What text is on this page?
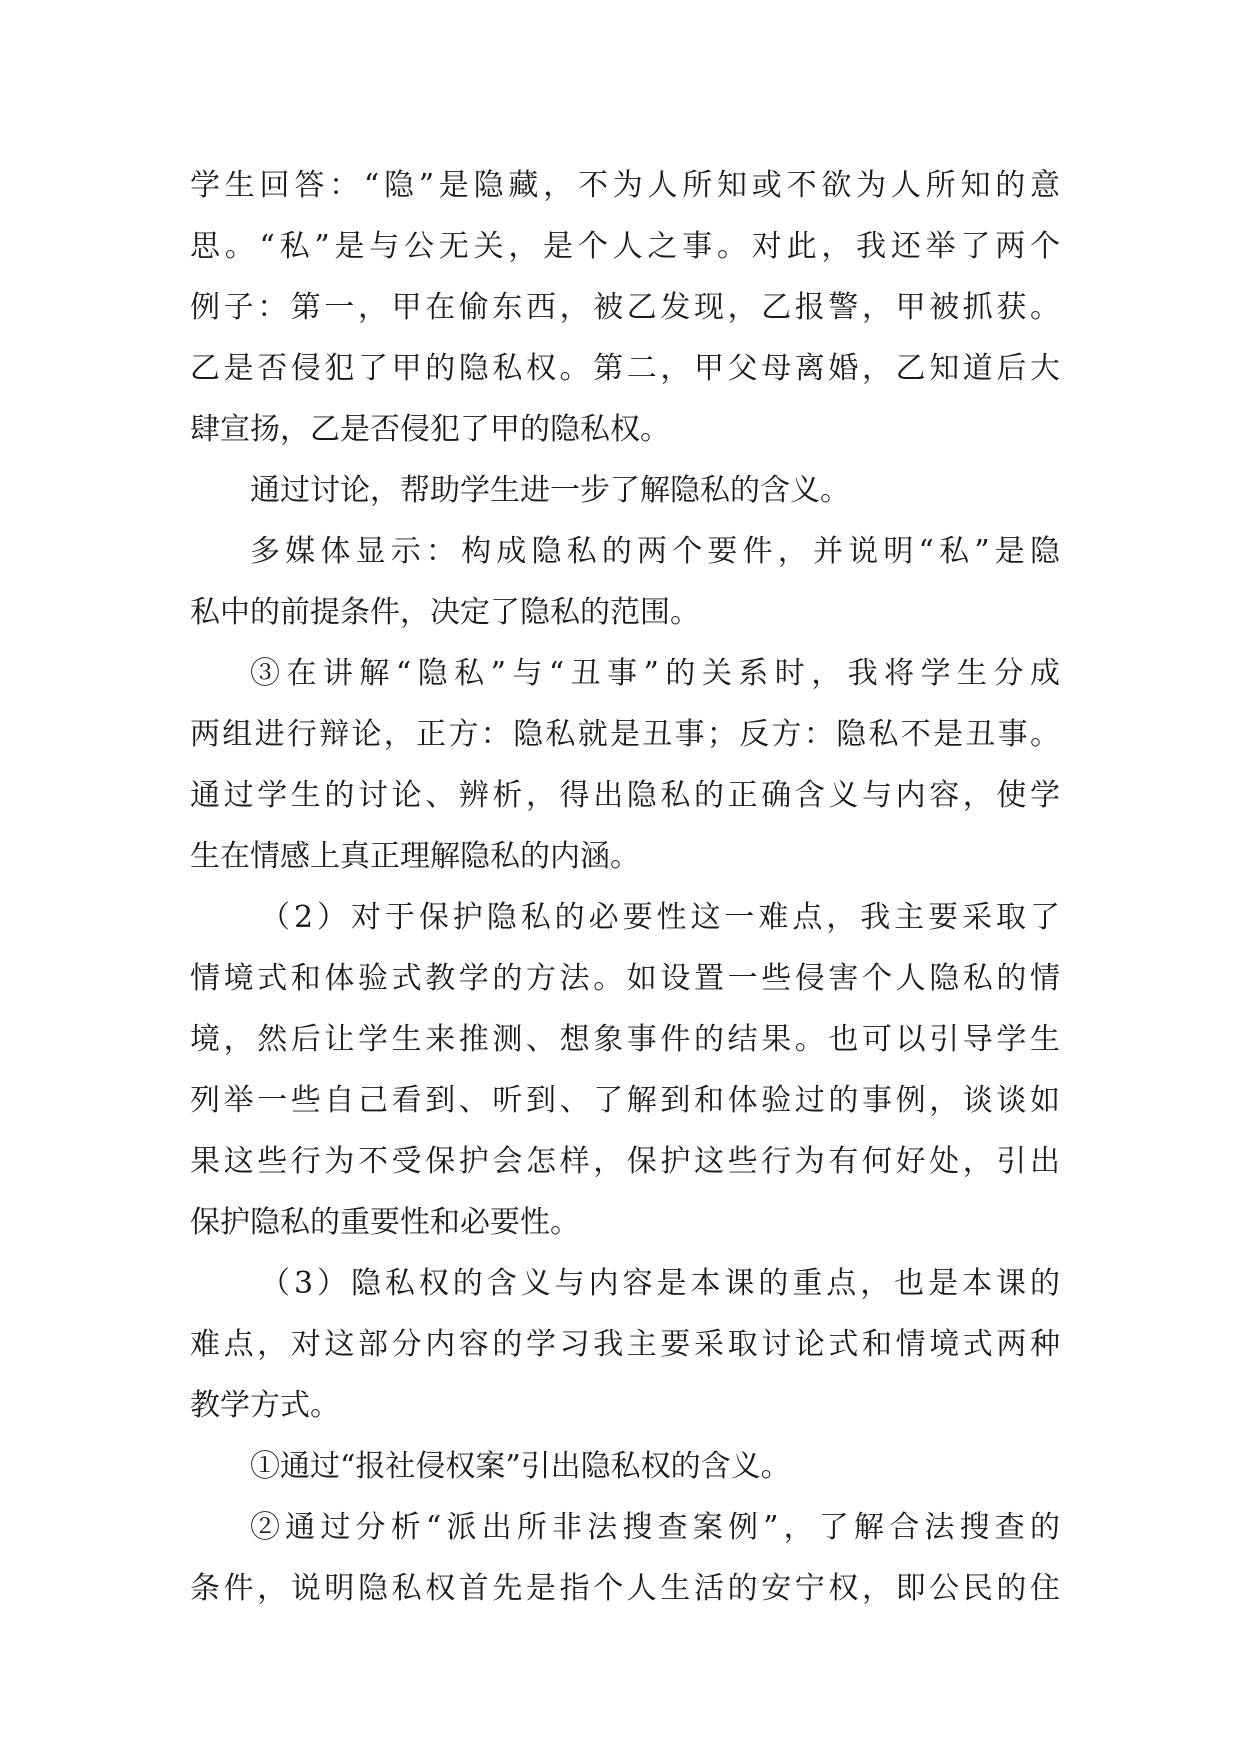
学生回答：“隐”是隐藏，不为人所知或不欲为人所知的意
思。“私”是与公无关，是个人之事。对此，我还举了两个
例子：第一，甲在偷东西，被乙发现，乙报警，甲被抓获。
乙是否侵犯了甲的隐私权。第二，甲父母离婚，乙知道后大
肆宣扬，乙是否侵犯了甲的隐私权。
通过讨论，帮助学生进一步了解隐私的含义。
多媒体显示：构成隐私的两个要件，并说明“私”是隐
私中的前提条件，决定了隐私的范围。
③在讲解“隐私”与“丑事”的关系时，我将学生分成
两组进行辩论，正方：隐私就是丑事；反方：隐私不是丑事。
通过学生的讨论、辨析，得出隐私的正确含义与内容，使学
生在情感上真正理解隐私的内涵。
（2）对于保护隐私的必要性这一难点，我主要采取了
情境式和体验式教学的方法。如设置一些侵害个人隐私的情
境，然后让学生来推测、想象事件的结果。也可以引导学生
列举一些自己看到、听到、了解到和体验过的事例，谈谈如
果这些行为不受保护会怎样，保护这些行为有何好处，引出
保护隐私的重要性和必要性。
（3）隐私权的含义与内容是本课的重点，也是本课的
难点，对这部分内容的学习我主要采取讨论式和情境式两种
教学方式。
①通过“报社侵权案”引出隐私权的含义。
②通过分析“派出所非法搜查案例”，了解合法搜查的
条件，说明隐私权首先是指个人生活的安宁权，即公民的住
